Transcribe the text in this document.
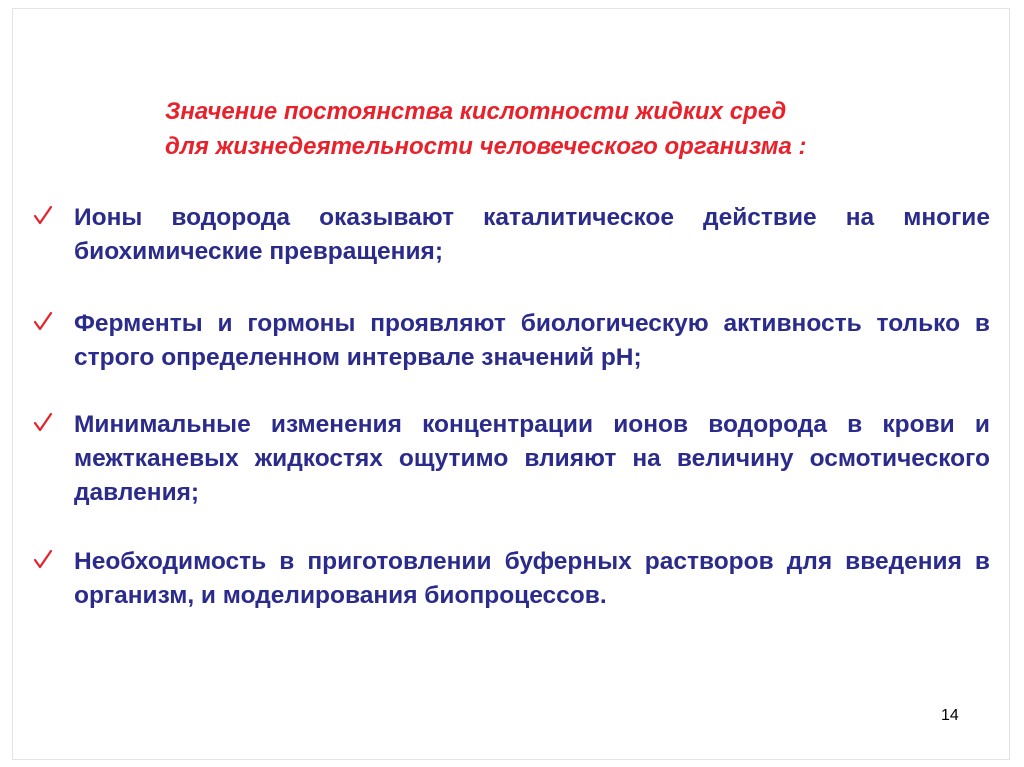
Значение постоянства кислотности жидких сред
для жизнедеятельности человеческого организма :
Ионы водорода оказывают каталитическое действие на многие биохимические превращения;
Ферменты и гормоны проявляют биологическую активность только в строго определенном интервале значений рН;
Минимальные изменения концентрации ионов водорода в крови и межтканевых жидкостях ощутимо влияют на величину осмотического давления;
Необходимость в приготовлении буферных растворов для введения в организм, и моделирования биопроцессов.
14
